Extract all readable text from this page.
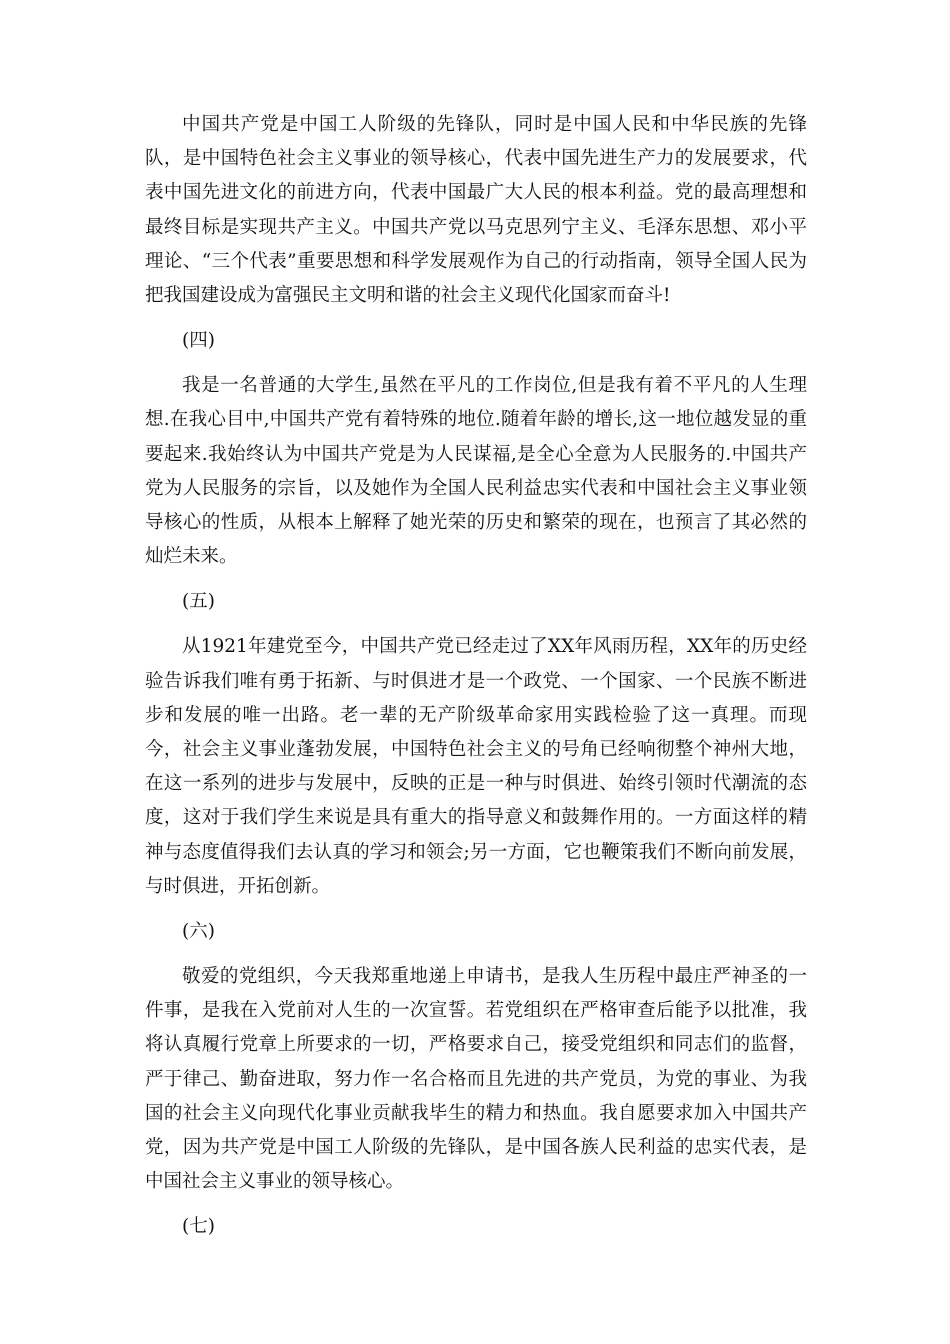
中国共产党是中国工人阶级的先锋队，同时是中国人民和中华民族的先锋队，是中国特色社会主义事业的领导核心，代表中国先进生产力的发展要求，代表中国先进文化的前进方向，代表中国最广大人民的根本利益。党的最高理想和最终目标是实现共产主义。中国共产党以马克思列宁主义、毛泽东思想、邓小平理论、“三个代表”重要思想和科学发展观作为自己的行动指南，领导全国人民为把我国建设成为富强民主文明和谐的社会主义现代化国家而奋斗!

(四)

我是一名普通的大学生,虽然在平凡的工作岗位,但是我有着不平凡的人生理想.在我心目中,中国共产党有着特殊的地位.随着年龄的增长,这一地位越发显的重要起来.我始终认为中国共产党是为人民谋福,是全心全意为人民服务的.中国共产党为人民服务的宗旨，以及她作为全国人民利益忠实代表和中国社会主义事业领导核心的性质，从根本上解释了她光荣的历史和繁荣的现在，也预言了其必然的灿烂未来。

(五)

从1921年建党至今，中国共产党已经走过了XX年风雨历程，XX年的历史经验告诉我们唯有勇于拓新、与时俱进才是一个政党、一个国家、一个民族不断进步和发展的唯一出路。老一辈的无产阶级革命家用实践检验了这一真理。而现今，社会主义事业蓬勃发展，中国特色社会主义的号角已经响彻整个神州大地，在这一系列的进步与发展中，反映的正是一种与时俱进、始终引领时代潮流的态度，这对于我们学生来说是具有重大的指导意义和鼓舞作用的。一方面这样的精神与态度值得我们去认真的学习和领会;另一方面，它也鞭策我们不断向前发展，与时俱进，开拓创新。

(六)

敬爱的党组织，今天我郑重地递上申请书，是我人生历程中最庄严神圣的一件事，是我在入党前对人生的一次宣誓。若党组织在严格审查后能予以批准，我将认真履行党章上所要求的一切，严格要求自己，接受党组织和同志们的监督，严于律己、勤奋进取，努力作一名合格而且先进的共产党员，为党的事业、为我国的社会主义向现代化事业贡献我毕生的精力和热血。我自愿要求加入中国共产党，因为共产党是中国工人阶级的先锋队，是中国各族人民利益的忠实代表，是中国社会主义事业的领导核心。

(七)
